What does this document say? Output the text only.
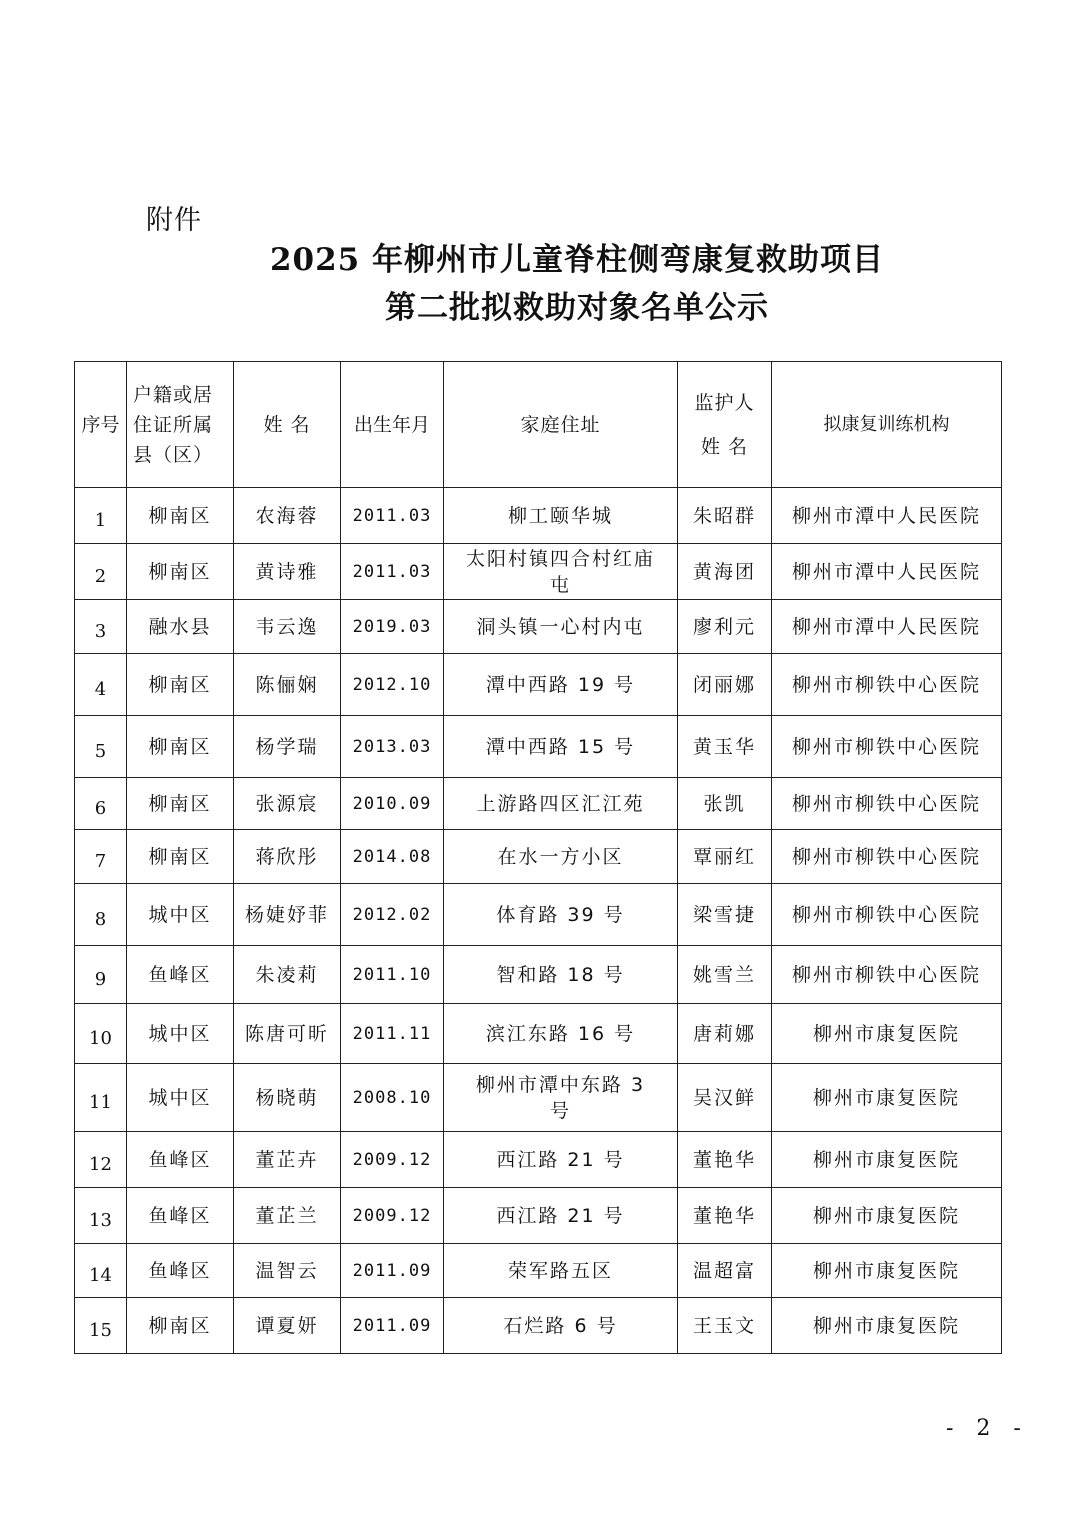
附件
2025 年柳州市儿童脊柱侧弯康复救助项目
第二批拟救助对象名单公示
序号	户籍或居住证所属县（区）	姓 名	出生年月	家庭住址	监护人姓 名	拟康复训练机构
1	柳南区	农海蓉	2011.03	柳工颐华城	朱昭群	柳州市潭中人民医院
2	柳南区	黄诗雅	2011.03	太阳村镇四合村红庙屯	黄海团	柳州市潭中人民医院
3	融水县	韦云逸	2019.03	洞头镇一心村内屯	廖利元	柳州市潭中人民医院
4	柳南区	陈俪娴	2012.10	潭中西路 19 号	闭丽娜	柳州市柳铁中心医院
5	柳南区	杨学瑞	2013.03	潭中西路 15 号	黄玉华	柳州市柳铁中心医院
6	柳南区	张源宸	2010.09	上游路四区汇江苑	张凯	柳州市柳铁中心医院
7	柳南区	蒋欣彤	2014.08	在水一方小区	覃丽红	柳州市柳铁中心医院
8	城中区	杨婕妤菲	2012.02	体育路 39 号	梁雪捷	柳州市柳铁中心医院
9	鱼峰区	朱凌莉	2011.10	智和路 18 号	姚雪兰	柳州市柳铁中心医院
10	城中区	陈唐可昕	2011.11	滨江东路 16 号	唐莉娜	柳州市康复医院
11	城中区	杨晓萌	2008.10	柳州市潭中东路 3 号	吴汉鲜	柳州市康复医院
12	鱼峰区	董芷卉	2009.12	西江路 21 号	董艳华	柳州市康复医院
13	鱼峰区	董芷兰	2009.12	西江路 21 号	董艳华	柳州市康复医院
14	鱼峰区	温智云	2011.09	荣军路五区	温超富	柳州市康复医院
15	柳南区	谭夏妍	2011.09	石烂路 6 号	王玉文	柳州市康复医院
- 2 -
